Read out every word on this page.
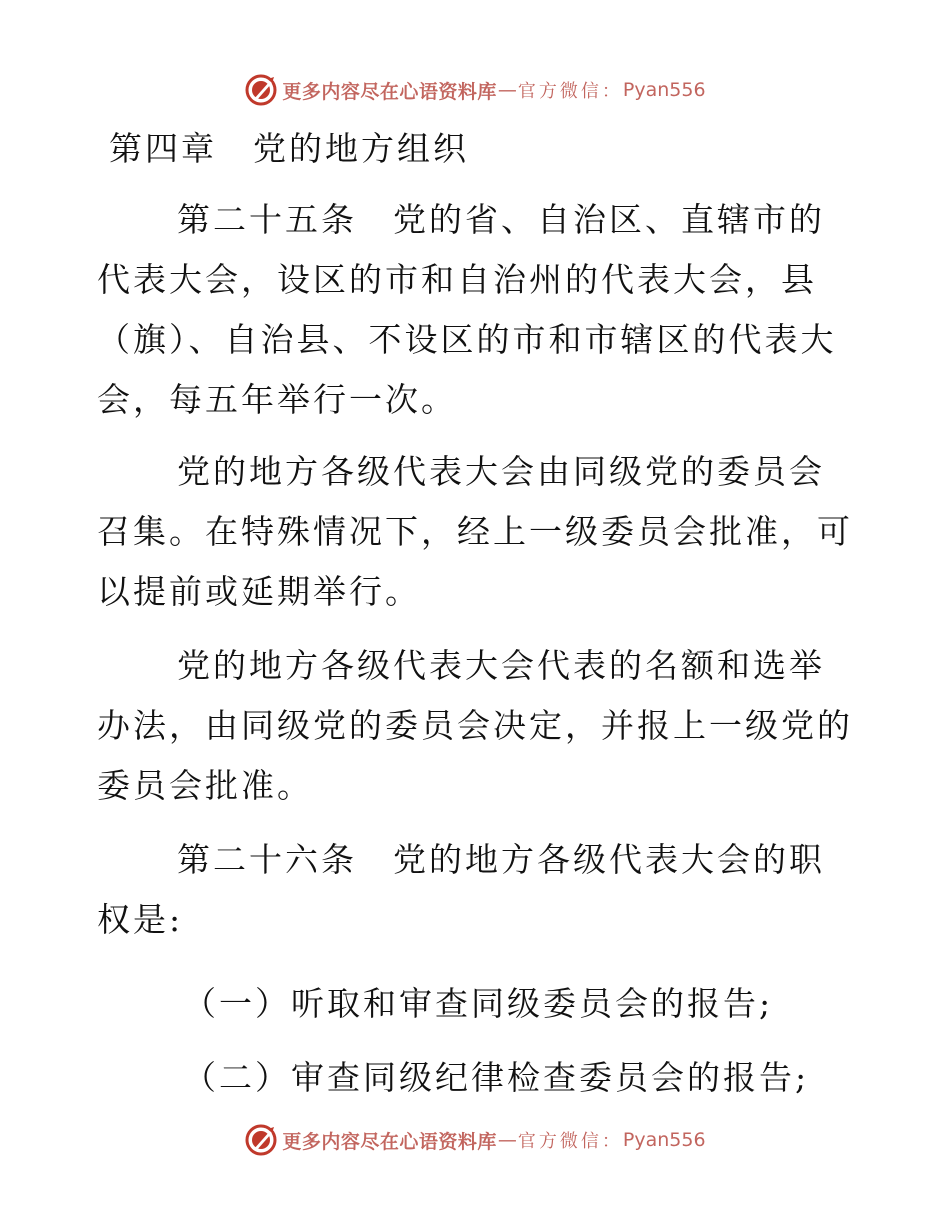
更多内容尽在心语资料库 — 官方微信： Pyan556
第四章　党的地方组织

第二十五条　党的省、自治区、直辖市的代表大会，设区的市和自治州的代表大会，县（旗）、自治县、不设区的市和市辖区的代表大会，每五年举行一次。

党的地方各级代表大会由同级党的委员会召集。在特殊情况下，经上一级委员会批准，可以提前或延期举行。

党的地方各级代表大会代表的名额和选举办法，由同级党的委员会决定，并报上一级党的委员会批准。

第二十六条　党的地方各级代表大会的职权是:

（一）听取和审查同级委员会的报告;

（二）审查同级纪律检查委员会的报告;

更多内容尽在心语资料库 — 官方微信： Pyan556
